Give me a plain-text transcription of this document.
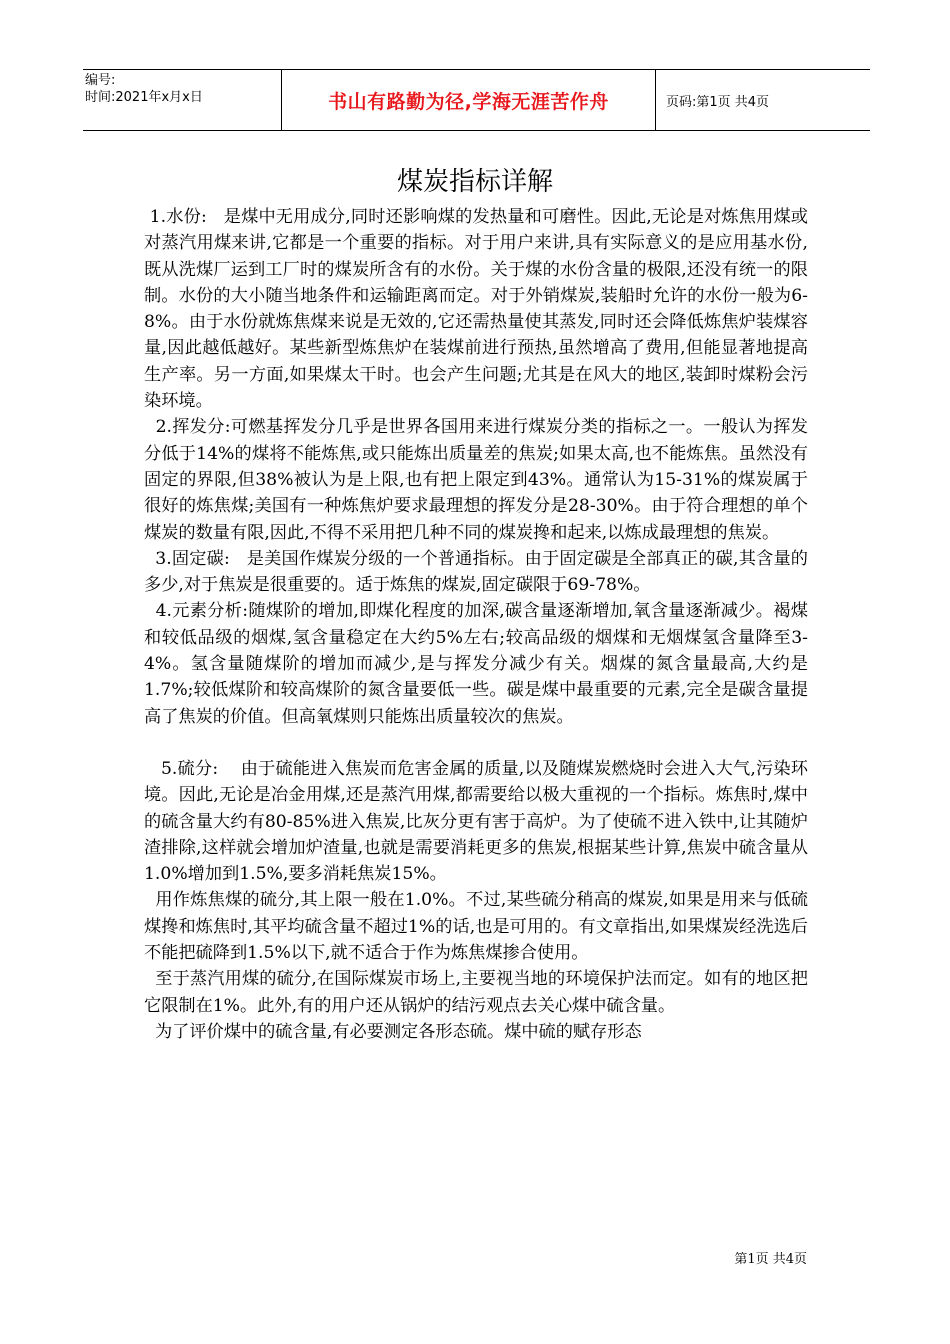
编号:
时间:2021年x月x日	书山有路勤为径,学海无涯苦作舟	页码:第1页 共4页
煤炭指标详解

1.水份:   是煤中无用成分,同时还影响煤的发热量和可磨性。因此,无论是对炼焦用煤或对蒸汽用煤来讲,它都是一个重要的指标。对于用户来讲,具有实际意义的是应用基水份,既从洗煤厂运到工厂时的煤炭所含有的水份。关于煤的水份含量的极限,还没有统一的限制。水份的大小随当地条件和运输距离而定。对于外销煤炭,装船时允许的水份一般为6-8%。由于水份就炼焦煤来说是无效的,它还需热量使其蒸发,同时还会降低炼焦炉装煤容量,因此越低越好。某些新型炼焦炉在装煤前进行预热,虽然增高了费用,但能显著地提高生产率。另一方面,如果煤太干时。也会产生问题;尤其是在风大的地区,装卸时煤粉会污染环境。

2.挥发分:可燃基挥发分几乎是世界各国用来进行煤炭分类的指标之一。一般认为挥发分低于14%的煤将不能炼焦,或只能炼出质量差的焦炭;如果太高,也不能炼焦。虽然没有固定的界限,但38%被认为是上限,也有把上限定到43%。通常认为15-31%的煤炭属于很好的炼焦煤;美国有一种炼焦炉要求最理想的挥发分是28-30%。由于符合理想的单个煤炭的数量有限,因此,不得不采用把几种不同的煤炭搀和起来,以炼成最理想的焦炭。

3.固定碳:   是美国作煤炭分级的一个普通指标。由于固定碳是全部真正的碳,其含量的多少,对于焦炭是很重要的。适于炼焦的煤炭,固定碳限于69-78%。

4.元素分析:随煤阶的增加,即煤化程度的加深,碳含量逐渐增加,氧含量逐渐减少。褐煤和较低品级的烟煤,氢含量稳定在大约5%左右;较高品级的烟煤和无烟煤氢含量降至3-4%。氢含量随煤阶的增加而减少,是与挥发分减少有关。烟煤的氮含量最高,大约是1.7%;较低煤阶和较高煤阶的氮含量要低一些。碳是煤中最重要的元素,完全是碳含量提高了焦炭的价值。但高氧煤则只能炼出质量较次的焦炭。

5.硫分:    由于硫能进入焦炭而危害金属的质量,以及随煤炭燃烧时会进入大气,污染环境。因此,无论是冶金用煤,还是蒸汽用煤,都需要给以极大重视的一个指标。炼焦时,煤中的硫含量大约有80-85%进入焦炭,比灰分更有害于高炉。为了使硫不进入铁中,让其随炉渣排除,这样就会增加炉渣量,也就是需要消耗更多的焦炭,根据某些计算,焦炭中硫含量从1.0%增加到1.5%,要多消耗焦炭15%。

用作炼焦煤的硫分,其上限一般在1.0%。不过,某些硫分稍高的煤炭,如果是用来与低硫煤搀和炼焦时,其平均硫含量不超过1%的话,也是可用的。有文章指出,如果煤炭经洗选后不能把硫降到1.5%以下,就不适合于作为炼焦煤掺合使用。

至于蒸汽用煤的硫分,在国际煤炭市场上,主要视当地的环境保护法而定。如有的地区把它限制在1%。此外,有的用户还从锅炉的结污观点去关心煤中硫含量。

为了评价煤中的硫含量,有必要测定各形态硫。煤中硫的赋存形态

第1页 共4页
